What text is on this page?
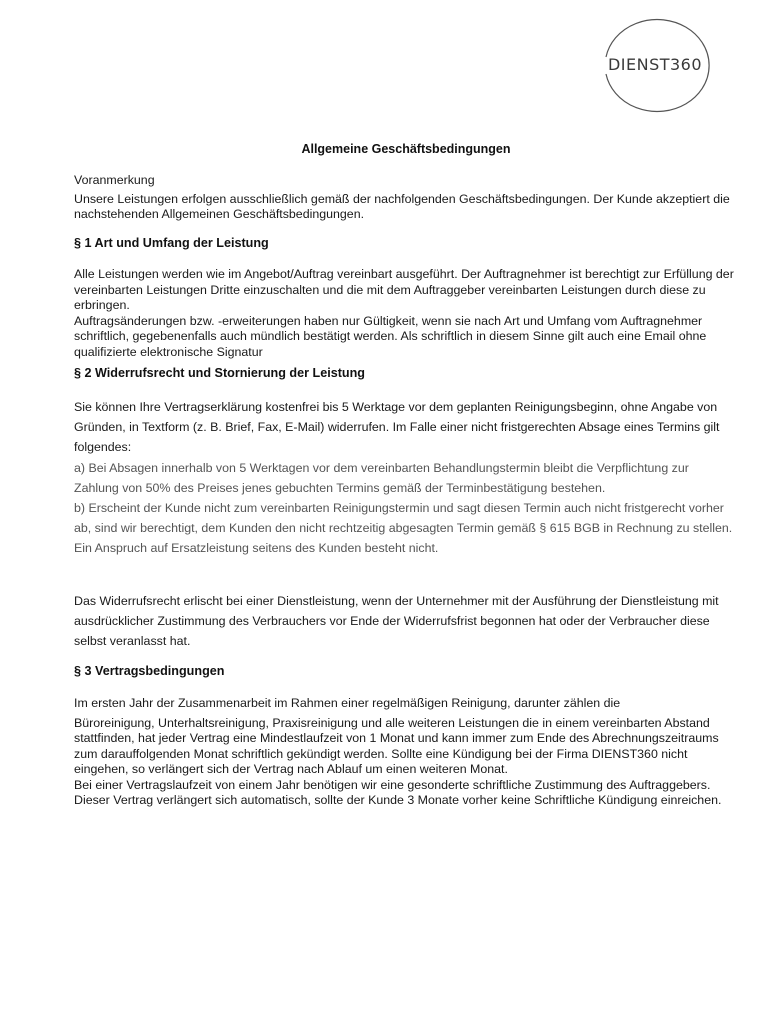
DIENST360
Allgemeine Geschäftsbedingungen

Voranmerkung

Unsere Leistungen erfolgen ausschließlich gemäß der nachfolgenden Geschäftsbedingungen. Der Kunde akzeptiert die nachstehenden Allgemeinen Geschäftsbedingungen.

§ 1 Art und Umfang der Leistung

Alle Leistungen werden wie im Angebot/Auftrag vereinbart ausgeführt. Der Auftragnehmer ist berechtigt zur Erfüllung der vereinbarten Leistungen Dritte einzuschalten und die mit dem Auftraggeber vereinbarten Leistungen durch diese zu erbringen.

Auftragsänderungen bzw. -erweiterungen haben nur Gültigkeit, wenn sie nach Art und Umfang vom Auftragnehmer schriftlich, gegebenenfalls auch mündlich bestätigt werden. Als schriftlich in diesem Sinne gilt auch eine Email ohne qualifizierte elektronische Signatur

§ 2 Widerrufsrecht und Stornierung der Leistung

Sie können Ihre Vertragserklärung kostenfrei bis 5 Werktage vor dem geplanten Reinigungsbeginn, ohne Angabe von Gründen, in Textform (z. B. Brief, Fax, E-Mail) widerrufen. Im Falle einer nicht fristgerechten Absage eines Termins gilt folgendes:

a) Bei Absagen innerhalb von 5 Werktagen vor dem vereinbarten Behandlungstermin bleibt die Verpflichtung zur Zahlung von 50% des Preises jenes gebuchten Termins gemäß der Terminbestätigung bestehen.

b) Erscheint der Kunde nicht zum vereinbarten Reinigungstermin und sagt diesen Termin auch nicht fristgerecht vorher ab, sind wir berechtigt, dem Kunden den nicht rechtzeitig abgesagten Termin gemäß § 615 BGB in Rechnung zu stellen. Ein Anspruch auf Ersatzleistung seitens des Kunden besteht nicht.

Das Widerrufsrecht erlischt bei einer Dienstleistung, wenn der Unternehmer mit der Ausführung der Dienstleistung mit ausdrücklicher Zustimmung des Verbrauchers vor Ende der Widerrufsfrist begonnen hat oder der Verbraucher diese selbst veranlasst hat.

§ 3 Vertragsbedingungen

Im ersten Jahr der Zusammenarbeit im Rahmen einer regelmäßigen Reinigung, darunter zählen die

Büroreinigung, Unterhaltsreinigung, Praxisreinigung und alle weiteren Leistungen die in einem vereinbarten Abstand stattfinden, hat jeder Vertrag eine Mindestlaufzeit von 1 Monat und kann immer zum Ende des Abrechnungszeitraums zum darauffolgenden Monat schriftlich gekündigt werden. Sollte eine Kündigung bei der Firma DIENST360 nicht eingehen, so verlängert sich der Vertrag nach Ablauf um einen weiteren Monat.

Bei einer Vertragslaufzeit von einem Jahr benötigen wir eine gesonderte schriftliche Zustimmung des Auftraggebers.

Dieser Vertrag verlängert sich automatisch, sollte der Kunde 3 Monate vorher keine Schriftliche Kündigung einreichen.
